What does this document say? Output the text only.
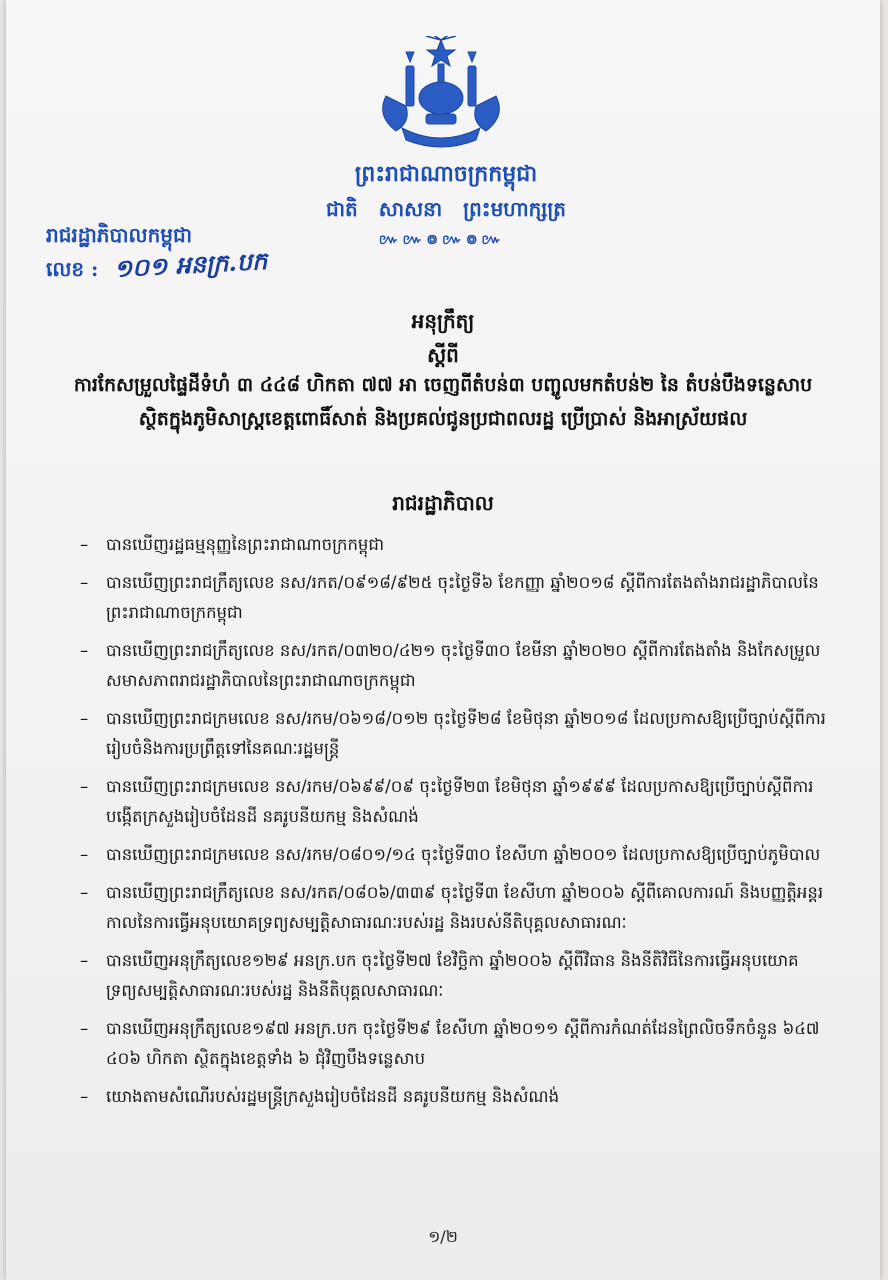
ព្រះរាជាណាចក្រកម្ពុជា
ជាតិ សាសនា ព្រះមហាក្សត្រ
៚៚៙៚៙៚
រាជរដ្ឋាភិបាលកម្ពុជា
លេខ : ១០១ អនក្រ.បក
អនុក្រឹត្យ
ស្តីពី
ការកែសម្រួលផ្ទៃដីទំហំ ៣ ៤៤៨ ហិកតា ៧៧ អា ចេញពីតំបន់៣ បញ្ចូលមកតំបន់២ នៃ តំបន់បឹងទន្លេសាប ស្ថិតក្នុងភូមិសាស្ត្រខេត្តពោធិ៍សាត់ និងប្រគល់ជូនប្រជាពលរដ្ឋ ប្រើប្រាស់ និងអាស្រ័យផល
រាជរដ្ឋាភិបាល
– បានឃើញរដ្ឋធម្មនុញ្ញនៃព្រះរាជាណាចក្រកម្ពុជា
– បានឃើញព្រះរាជក្រឹត្យលេខ នស/រកត/០៩១៨/៩២៥ ចុះថ្ងៃទី៦ ខែកញ្ញា ឆ្នាំ២០១៨ ស្តីពីការតែងតាំងរាជរដ្ឋាភិបាលនៃព្រះរាជាណាចក្រកម្ពុជា
– បានឃើញព្រះរាជក្រឹត្យលេខ នស/រកត/០៣២០/៤២១ ចុះថ្ងៃទី៣០ ខែមីនា ឆ្នាំ២០២០ ស្តីពីការតែងតាំង និងកែសម្រួលសមាសភាពរាជរដ្ឋាភិបាលនៃព្រះរាជាណាចក្រកម្ពុជា
– បានឃើញព្រះរាជក្រមលេខ នស/រកម/០៦១៨/០១២ ចុះថ្ងៃទី២៨ ខែមិថុនា ឆ្នាំ២០១៨ ដែលប្រកាសឱ្យប្រើច្បាប់ស្តីពីការរៀបចំនិងការប្រព្រឹត្តទៅនៃគណៈរដ្ឋមន្ត្រី
– បានឃើញព្រះរាជក្រមលេខ នស/រកម/០៦៩៩/០៩ ចុះថ្ងៃទី២៣ ខែមិថុនា ឆ្នាំ១៩៩៩ ដែលប្រកាសឱ្យប្រើច្បាប់ស្តីពីការបង្កើតក្រសួងរៀបចំដែនដី នគរូបនីយកម្ម និងសំណង់
– បានឃើញព្រះរាជក្រមលេខ នស/រកម/០៨០១/១៤ ចុះថ្ងៃទី៣០ ខែសីហា ឆ្នាំ២០០១ ដែលប្រកាសឱ្យប្រើច្បាប់ភូមិបាល
– បានឃើញព្រះរាជក្រឹត្យលេខ នស/រកត/០៨០៦/៣៣៩ ចុះថ្ងៃទី៣ ខែសីហា ឆ្នាំ២០០៦ ស្តីពីគោលការណ៍ និងបញ្ញត្តិអន្តរកាលនៃការធ្វើអនុបយោគទ្រព្យសម្បត្តិសាធារណៈរបស់រដ្ឋ និងរបស់នីតិបុគ្គលសាធារណៈ
– បានឃើញអនុក្រឹត្យលេខ១២៩ អនក្រ.បក ចុះថ្ងៃទី២៧ ខែវិច្ឆិកា ឆ្នាំ២០០៦ ស្តីពីវិធាន និងនីតិវិធីនៃការធ្វើអនុបយោគទ្រព្យសម្បត្តិសាធារណៈរបស់រដ្ឋ និងនីតិបុគ្គលសាធារណៈ
– បានឃើញអនុក្រឹត្យលេខ១៩៧ អនក្រ.បក ចុះថ្ងៃទី២៩ ខែសីហា ឆ្នាំ២០១១ ស្តីពីការកំណត់ដែនព្រៃលិចទឹកចំនួន ៦៤៧ ៤០៦ ហិកតា ស្ថិតក្នុងខេត្តទាំង ៦ ជុំវិញបឹងទន្លេសាប
– យោងតាមសំណើរបស់រដ្ឋមន្ត្រីក្រសួងរៀបចំដែនដី នគរូបនីយកម្ម និងសំណង់
១/២
